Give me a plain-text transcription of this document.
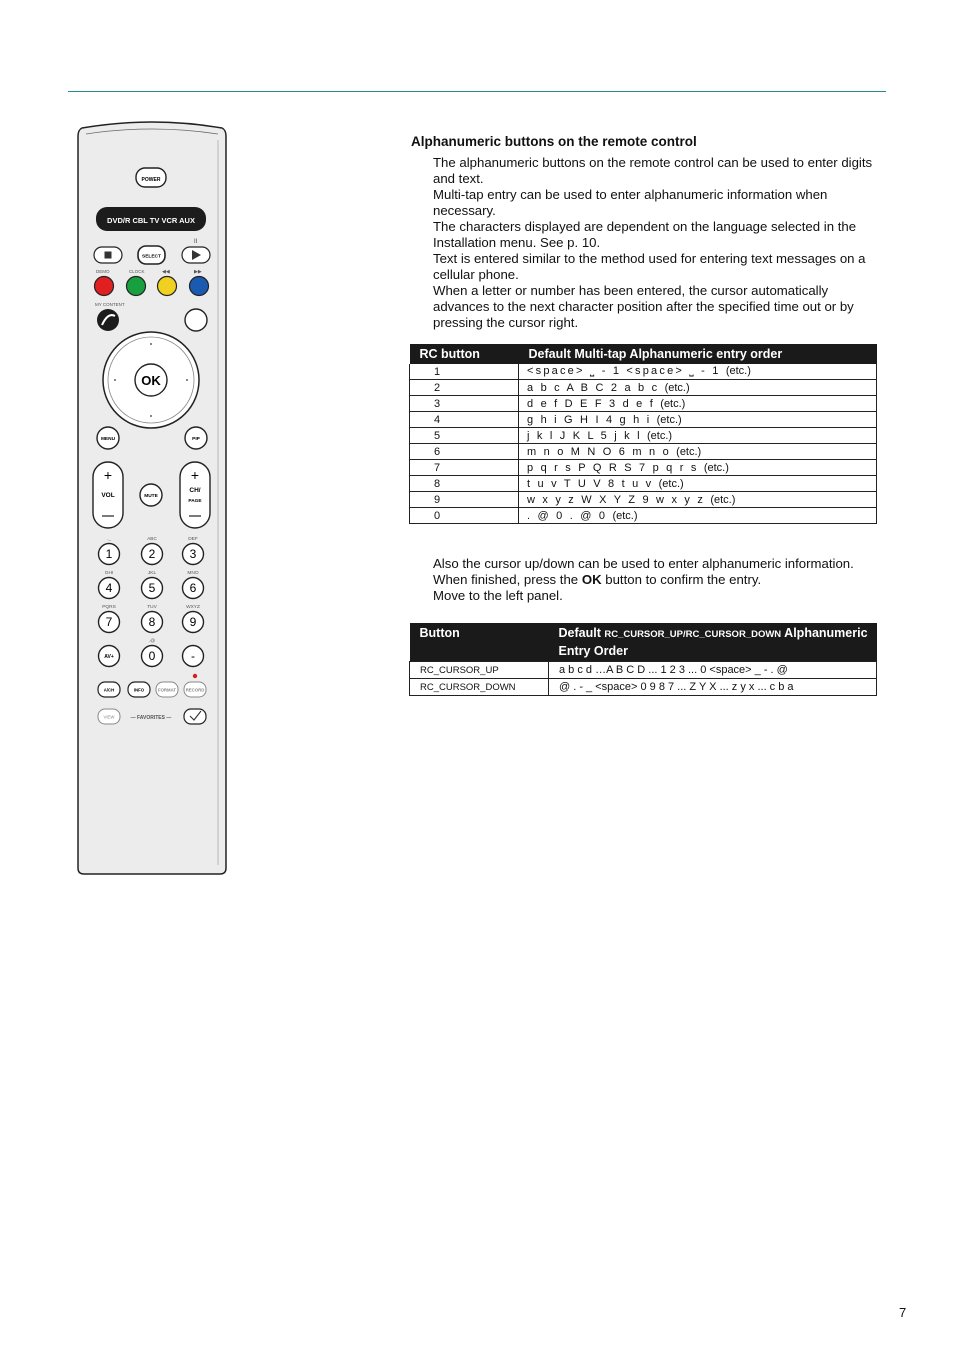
POWER
DVD/R CBL TV VCR AUX
SELECT
II
DEMO	CLOCK	◀◀	▶▶
MY CONTENT
OK
MENU	PIP
+
VOL	MUTE
+
CH/
PAGE
._	ABC	DEF
GHI	JKL	MNO
PQRS	TUV	WXYZ
.@
1	2	3
4	5	6
7	8	9
AV+	0	-
A/CH	INFO	FORMAT RECORD
VIEW	— FAVORITES —
Alphanumeric buttons on the remote control

The alphanumeric buttons on the remote control can be used to enter digits and text.

Multi-tap entry can be used to enter alphanumeric information when necessary.

The characters displayed are dependent on the language selected in the Installation menu. See p. 10.

Text is entered similar to the method used for entering text messages on a cellular phone.

When a letter or number has been entered, the cursor automatically advances to the next character position after the specified time out or by pressing the cursor right.

RC button	Default Multi-tap Alphanumeric entry order
1	<space> ⎵ - 1 <space> ⎵ - 1 (etc.)
2	a b c A B C 2 a b c (etc.)
3	d e f D E F 3 d e f (etc.)
4	g h i G H I 4 g h i (etc.)
5	j k l J K L 5 j k l (etc.)
6	m n o M N O 6 m n o (etc.)
7	p q r s P Q R S 7 p q r s (etc.)
8	t u v T U V 8 t u v (etc.)
9	w x y z W X Y Z 9 w x y z (etc.)
0	. @ 0 . @ 0 (etc.)

Also the cursor up/down can be used to enter alphanumeric information.

When finished, press the OK button to confirm the entry.

Move to the left panel.

Button	Default RC_CURSOR_UP/RC_CURSOR_DOWN Alphanumeric
Entry Order
RC_CURSOR_UP	a b c d …A B C D ... 1 2 3 ... 0 <space> _ - . @
RC_CURSOR_DOWN	@ . - _ <space> 0 9 8 7 ... Z Y X ... z y x ... c b a
7
